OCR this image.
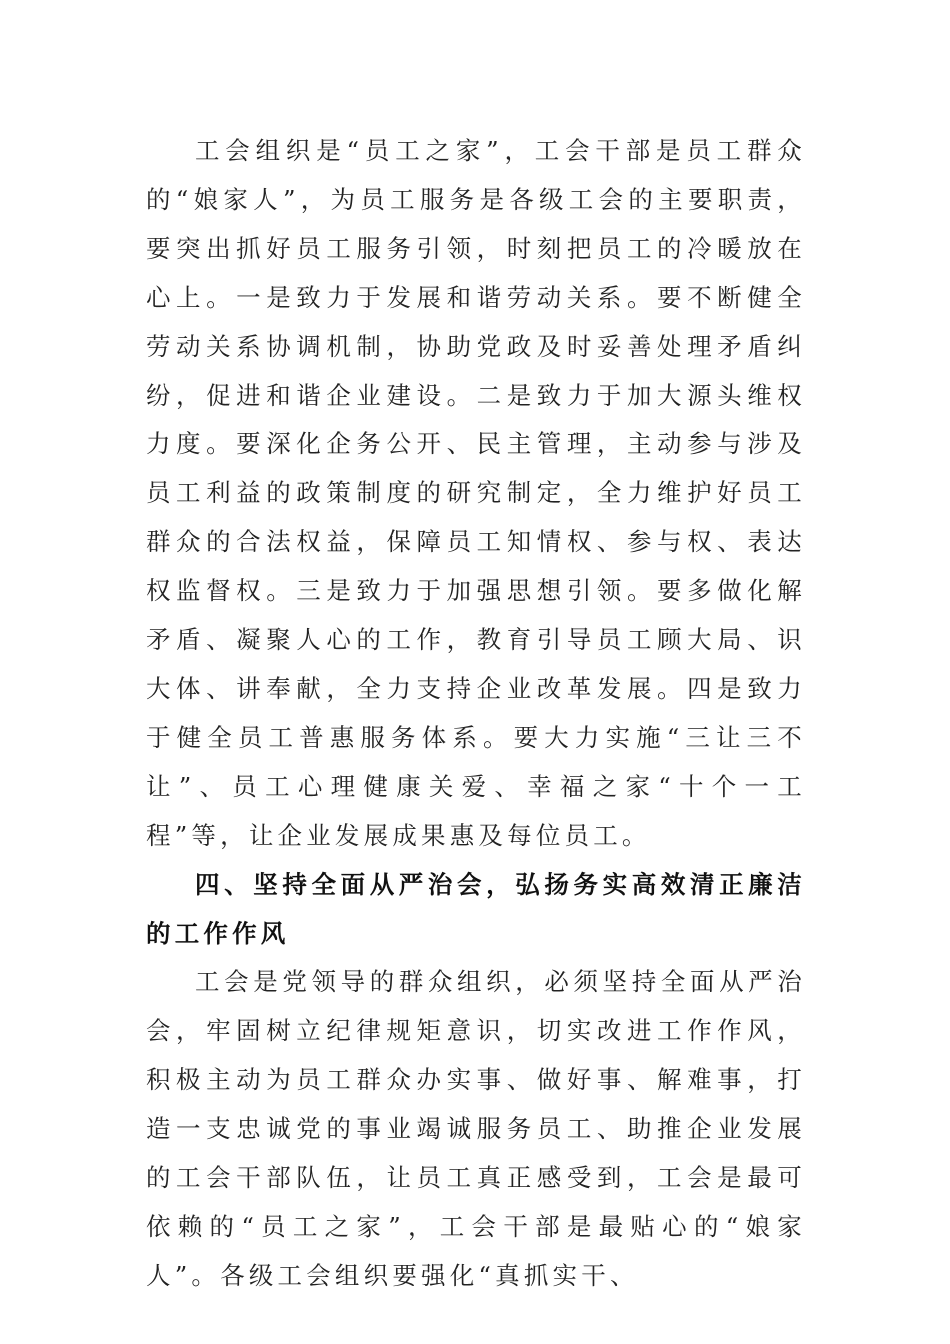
工会组织是“员工之家”，工会干部是员工群众的“娘家人”，为员工服务是各级工会的主要职责，要突出抓好员工服务引领，时刻把员工的冷暖放在心上。一是致力于发展和谐劳动关系。要不断健全劳动关系协调机制，协助党政及时妥善处理矛盾纠纷，促进和谐企业建设。二是致力于加大源头维权力度。要深化企务公开、民主管理，主动参与涉及员工利益的政策制度的研究制定，全力维护好员工群众的合法权益，保障员工知情权、参与权、表达权监督权。三是致力于加强思想引领。要多做化解矛盾、凝聚人心的工作，教育引导员工顾大局、识大体、讲奉献，全力支持企业改革发展。四是致力于健全员工普惠服务体系。要大力实施“三让三不让”、员工心理健康关爱、幸福之家“十个一工程”等，让企业发展成果惠及每位员工。

四、坚持全面从严治会，弘扬务实高效清正廉洁的工作作风

工会是党领导的群众组织，必须坚持全面从严治会，牢固树立纪律规矩意识，切实改进工作作风，积极主动为员工群众办实事、做好事、解难事，打造一支忠诚党的事业竭诚服务员工、助推企业发展的工会干部队伍，让员工真正感受到，工会是最可依赖的“员工之家”，工会干部是最贴心的“娘家人”。各级工会组织要强化“真抓实干、
